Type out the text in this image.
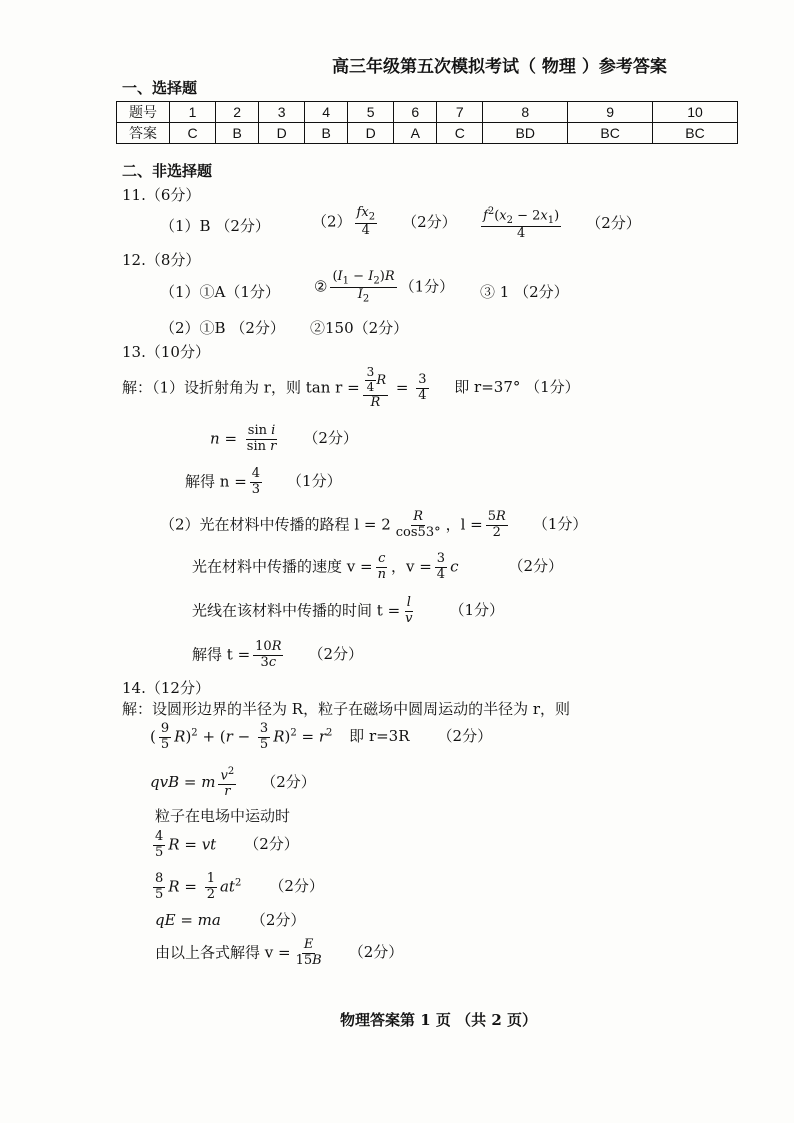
高三年级第五次模拟考试（ 物理 ）参考答案
一、选择题
题号	1	2	3	4	5	6	7	8	9	10
答案	C	B	D	B	D	A	C	BD	BC	BC
二、非选择题
11.（6分）
（1）B （2分）	$(2) \frac{fx_2}{4} (2$分） $\frac{f^2(x_2 - 2x_1)}{4} (2$分）
12.（8分）
（1）①A（1分） ② $\frac{(I_1 - I_2)R}{I_2} (1$分） ③ 1 （2分）
（2）①B （2分） ②150（2分）
13.（10分）
解：（1）设折射角为 r，则 $\tan r = \frac{\frac{3}{4} R}{R} = \frac{3}{4}$ 即 r=37° （1分）
$n = \frac{\text{sin i}}{\text{sin r}} (2$分）
解得 $n = \frac{4}{3} (1$分）
（2）光在材料中传播的路程 $l = 2 \frac{R}{\cos 53^\circ}$ ，$l = \frac{5R}{2} (1$分）
光在材料中传播的速度 $v = \frac{c}{n}$ ，$v = \frac{3}{4}$ c	（2分）
光线在该材料中传播的时间 $t = \frac{l}{v} (1$分）
解得 $t = \frac{10R}{3c} (2$分）
14.（12分）
解：设圆形边界的半径为 R，粒子在磁场中圆周运动的半径为 r，则
( $\frac{9}{5} R)^2 + (r - \frac{3}{5} R)^2 = r^2$ 即 r=3R （2分）
qvB = m $\frac{v^2}{r} (2$分）
粒子在电场中运动时
$\frac{4}{5}$ R = vt （2分）
$\frac{8}{5}$ $R = \frac{1}{2} at^2$ （2分）
qE = ma （2分）
由以上各式解得 $v = \frac{E}{15B} (2$分）
物理答案第 1 页 （共 2 页）
